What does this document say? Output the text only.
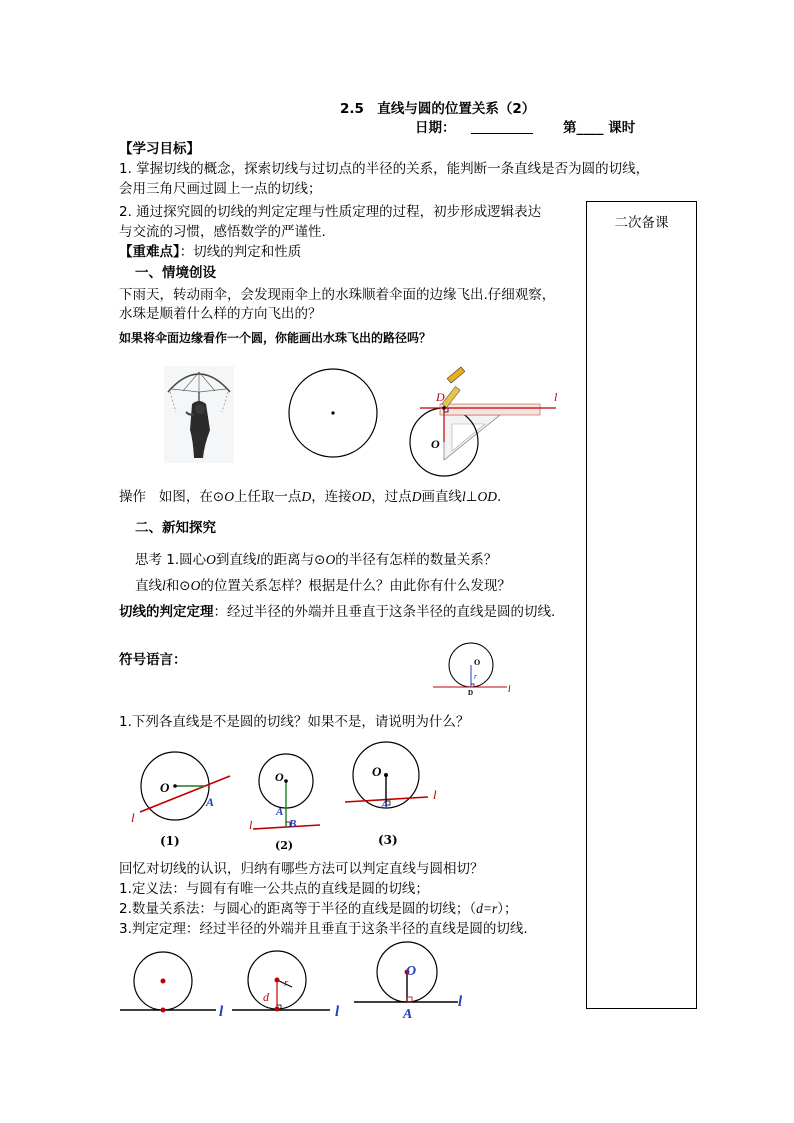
2.5　直线与圆的位置关系（2）
日期：	第____ 课时
【学习目标】
1. 掌握切线的概念，探索切线与过切点的半径的关系，能判断一条直线是否为圆的切线，
会用三角尺画过圆上一点的切线；
2. 通过探究圆的切线的判定定理与性质定理的过程，初步形成逻辑表达
与交流的习惯，感悟数学的严谨性.
【重难点】：切线的判定和性质
二次备课
一、情境创设
下雨天，转动雨伞，会发现雨伞上的水珠顺着伞面的边缘飞出.仔细观察，
水珠是顺着什么样的方向飞出的？
如果将伞面边缘看作一个圆，你能画出水珠飞出的路径吗？
D	l
O
O
r
D	l
O
A
l
O
A
B
l
O
A
l
l
r
d
l
O
A
l
操作 如图，在⊙O上任取一点D，连接OD，过点D画直线l⊥OD.
二、新知探究
思考 1.圆心O到直线l的距离与⊙O的半径有怎样的数量关系？
直线l和⊙O的位置关系怎样？根据是什么？由此你有什么发现？
切线的判定定理：经过半径的外端并且垂直于这条半径的直线是圆的切线.
符号语言：
1.下列各直线是不是圆的切线？如果不是，请说明为什么？
(1)	(2)	(3)
回忆对切线的认识，归纳有哪些方法可以判定直线与圆相切？
1.定义法：与圆有有唯一公共点的直线是圆的切线；
2.数量关系法：与圆心的距离等于半径的直线是圆的切线；（d=r）；
3.判定定理：经过半径的外端并且垂直于这条半径的直线是圆的切线.
